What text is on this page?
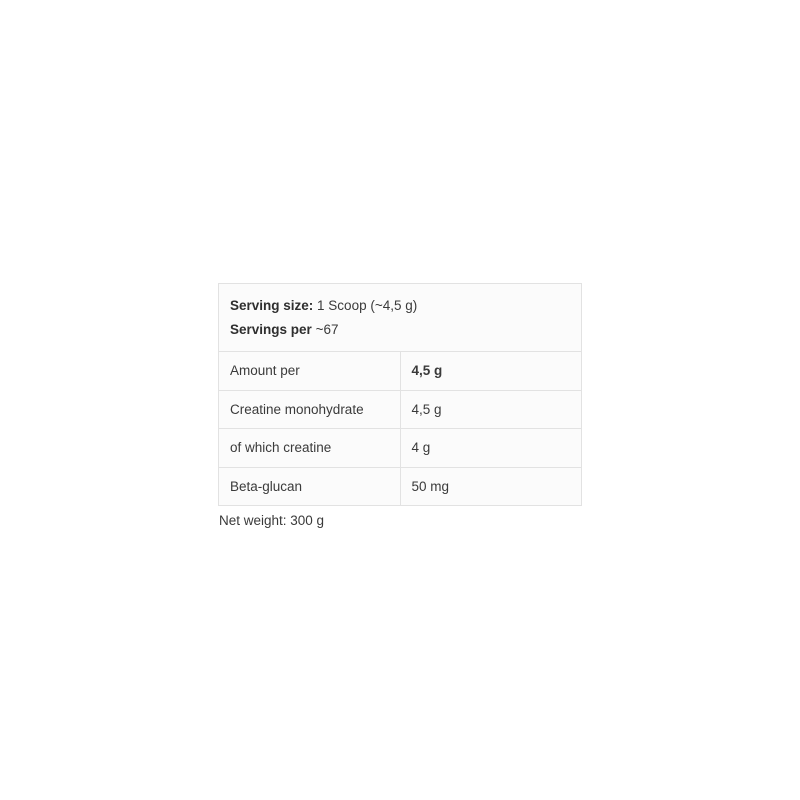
Serving size: 1 Scoop (~4,5 g)
Servings per ~67	

Amount per	4,5 g
Creatine monohydrate	4,5 g
of which creatine	4 g
Beta-glucan	50 mg
Net weight: 300 g
